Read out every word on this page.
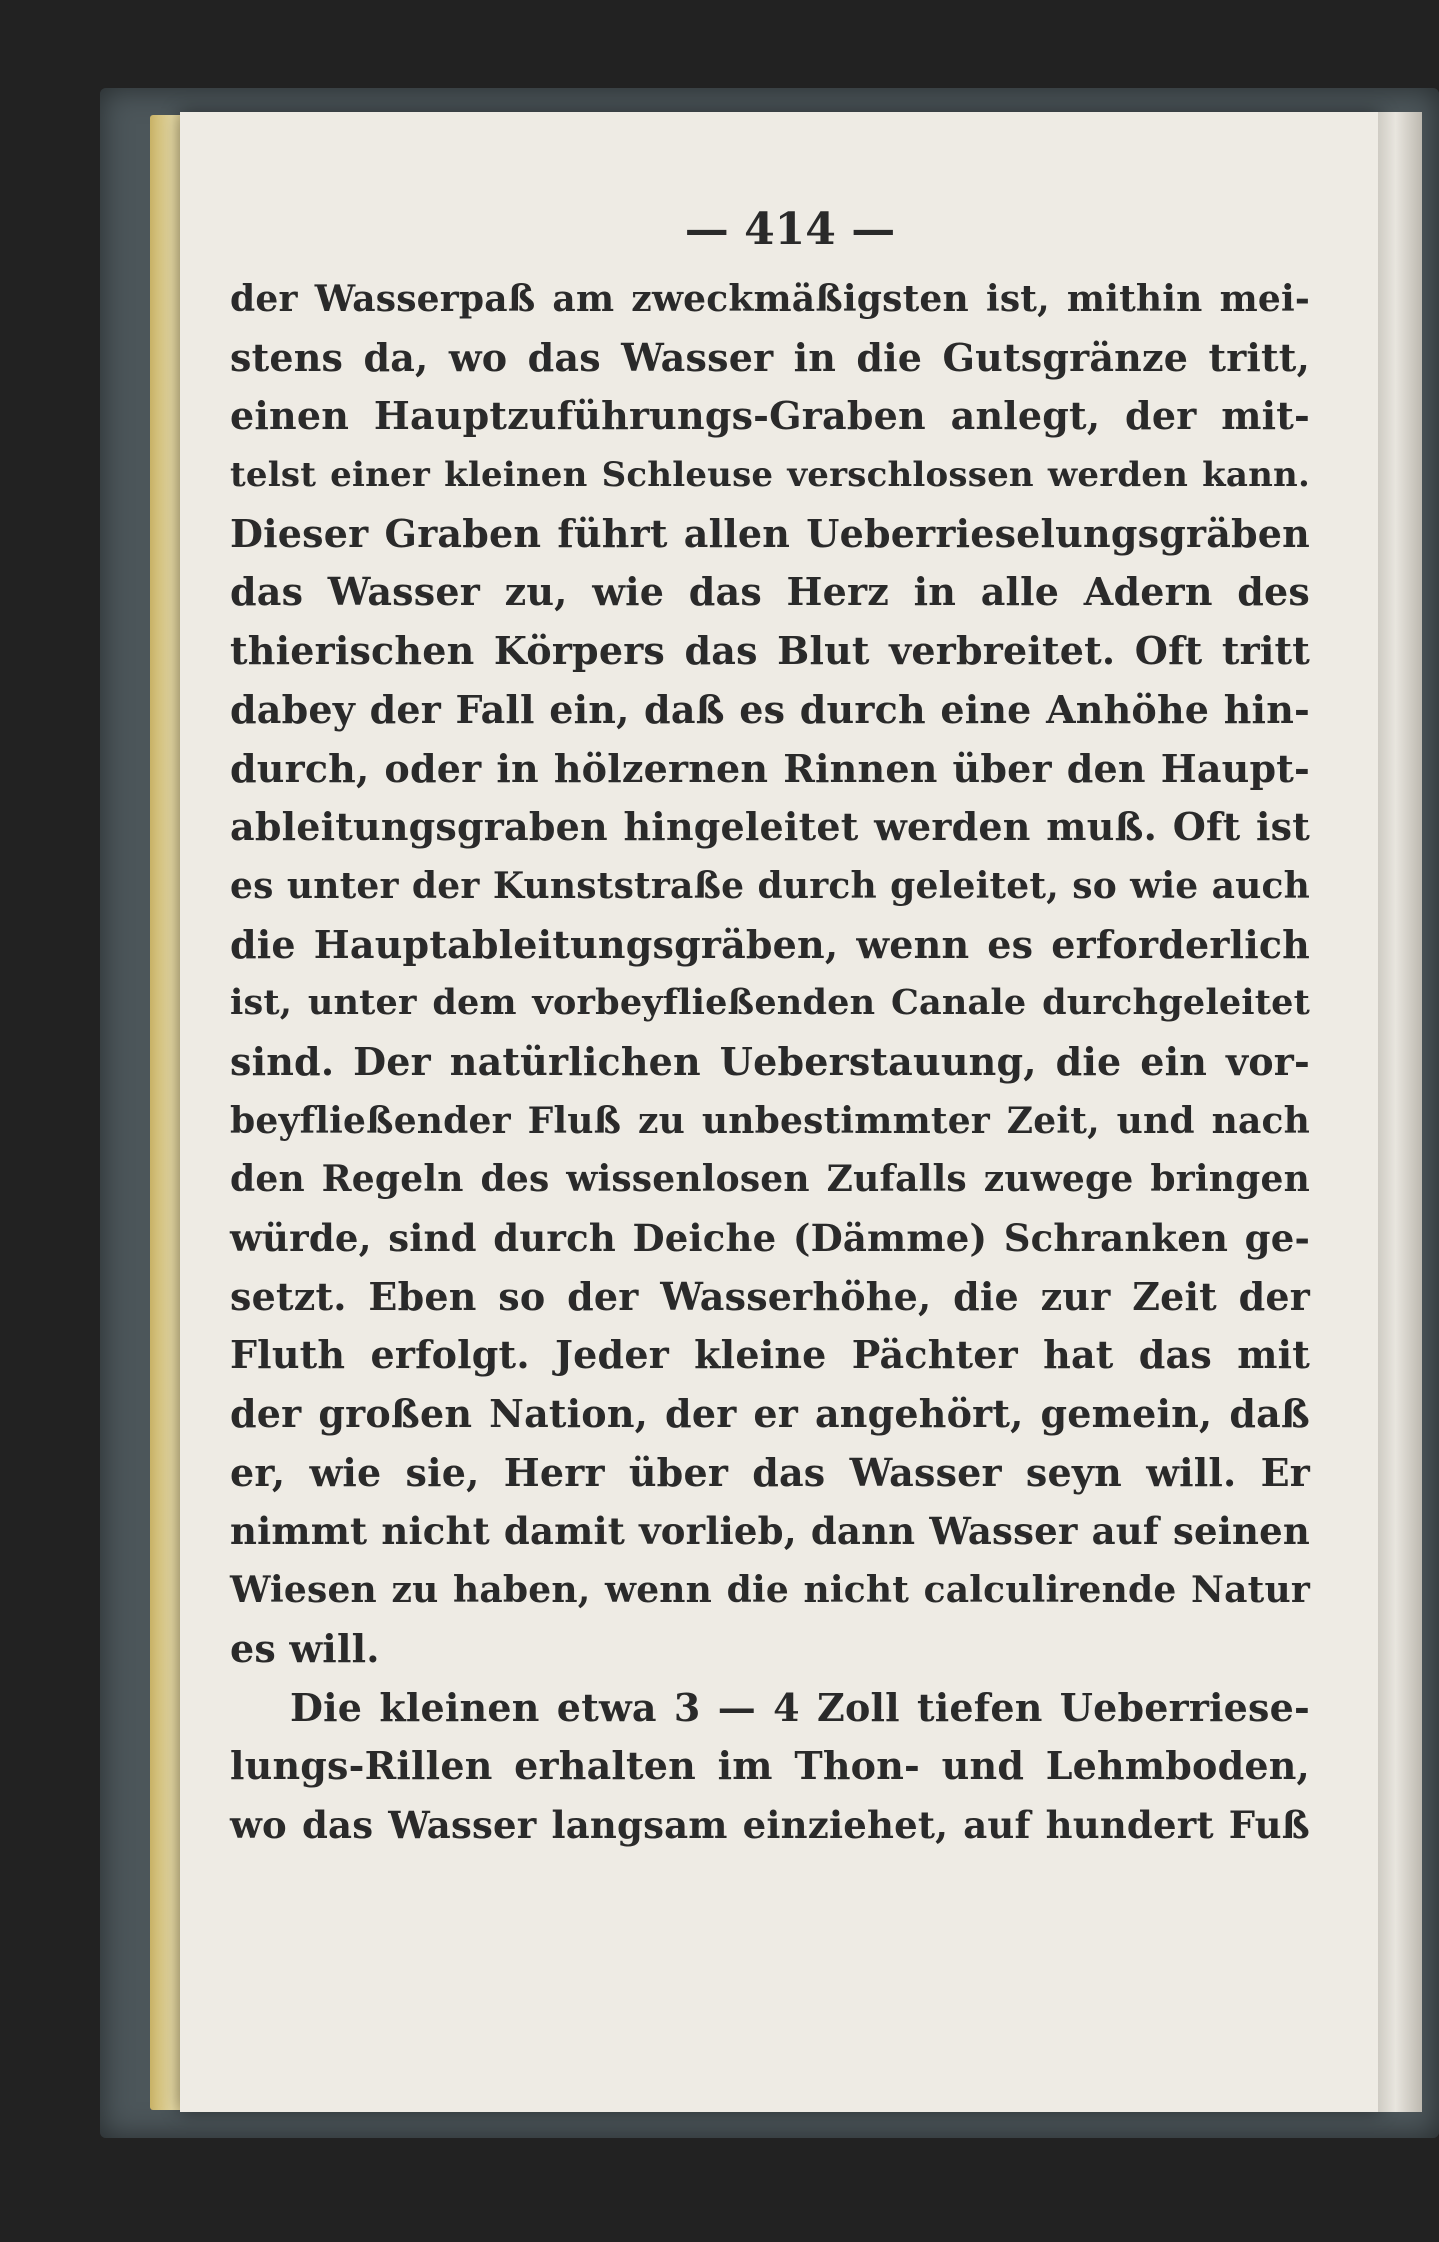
— 414 —
der Wasserpaß am zweckmäßigsten ist, mithin mei-
stens da, wo das Wasser in die Gutsgränze tritt,
einen Hauptzuführungs-Graben anlegt, der mit-
telst einer kleinen Schleuse verschlossen werden kann.
Dieser Graben führt allen Ueberrieselungsgräben
das Wasser zu, wie das Herz in alle Adern des
thierischen Körpers das Blut verbreitet. Oft tritt
dabey der Fall ein, daß es durch eine Anhöhe hin-
durch, oder in hölzernen Rinnen über den Haupt-
ableitungsgraben hingeleitet werden muß. Oft ist
es unter der Kunststraße durch geleitet, so wie auch
die Hauptableitungsgräben, wenn es erforderlich
ist, unter dem vorbeyfließenden Canale durchgeleitet
sind. Der natürlichen Ueberstauung, die ein vor-
beyfließender Fluß zu unbestimmter Zeit, und nach
den Regeln des wissenlosen Zufalls zuwege bringen
würde, sind durch Deiche (Dämme) Schranken ge-
setzt. Eben so der Wasserhöhe, die zur Zeit der
Fluth erfolgt. Jeder kleine Pächter hat das mit
der großen Nation, der er angehört, gemein, daß
er, wie sie, Herr über das Wasser seyn will. Er
nimmt nicht damit vorlieb, dann Wasser auf seinen
Wiesen zu haben, wenn die nicht calculirende Natur
es will.
Die kleinen etwa 3 — 4 Zoll tiefen Ueberriese-
lungs-Rillen erhalten im Thon- und Lehmboden,
wo das Wasser langsam einziehet, auf hundert Fuß
